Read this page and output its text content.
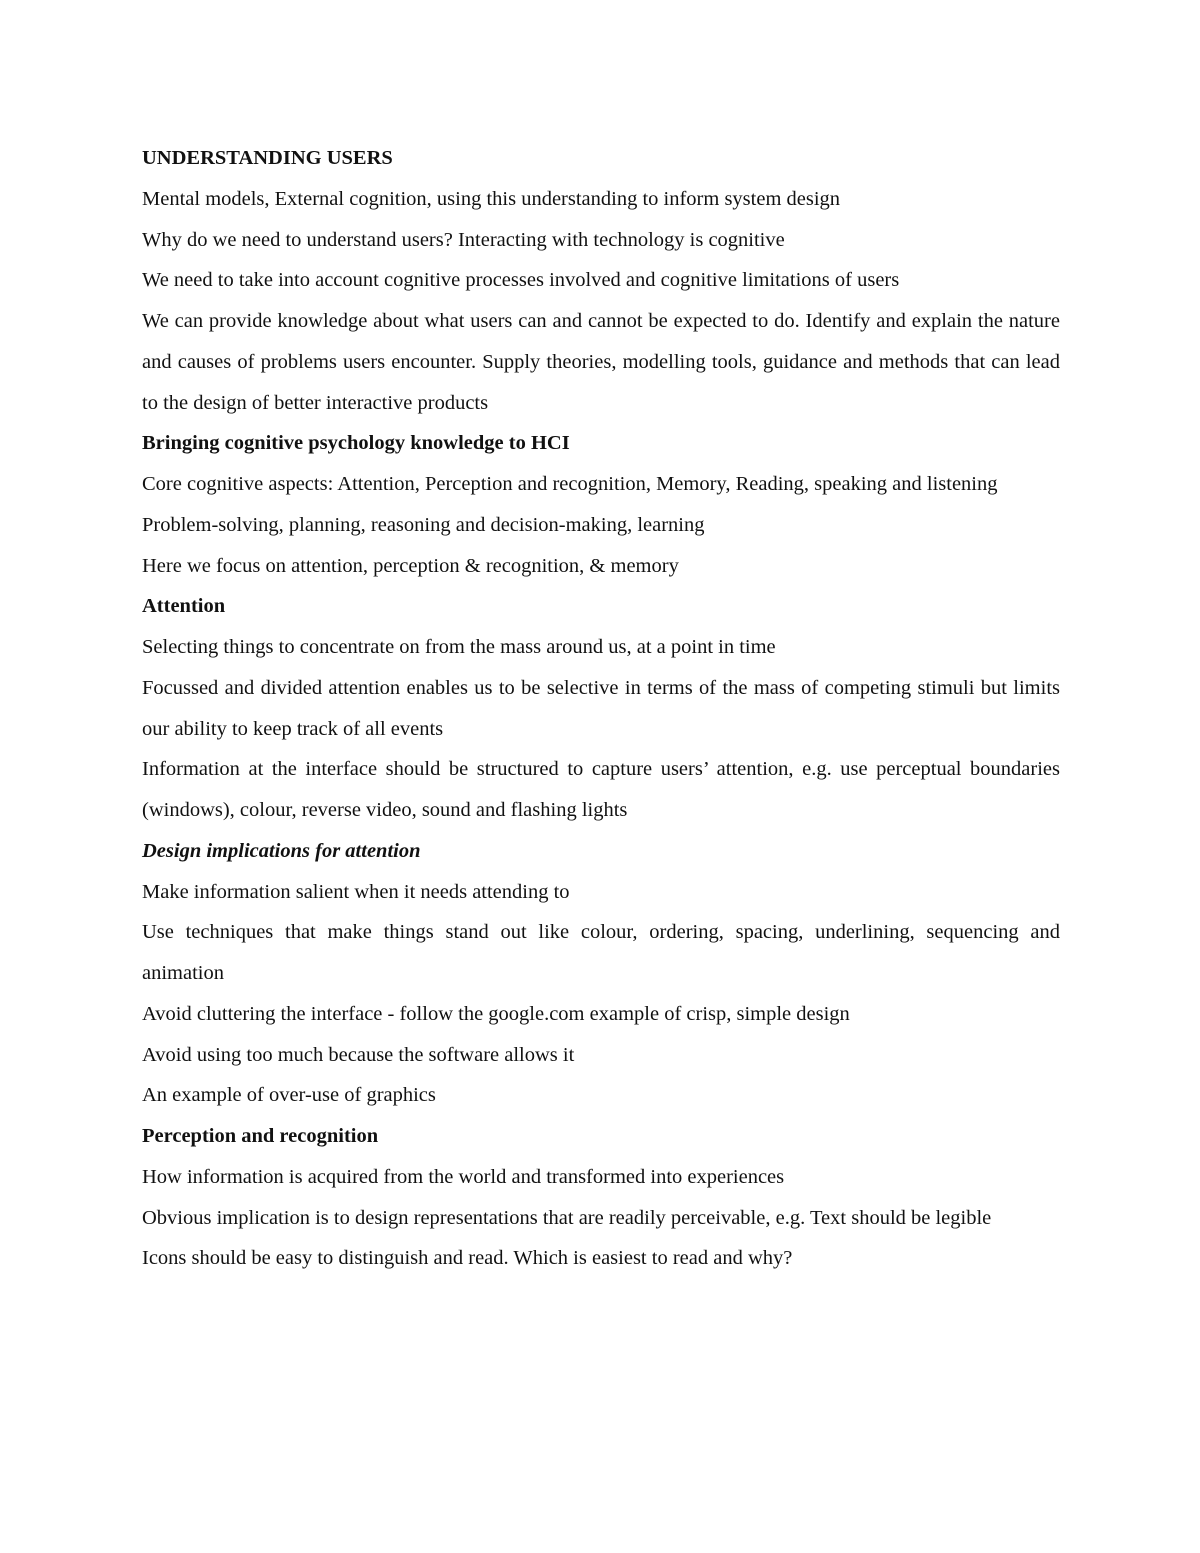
UNDERSTANDING USERS

Mental models, External cognition, using this understanding to inform system design

Why do we need to understand users? Interacting with technology is cognitive

We need to take into account cognitive processes involved and cognitive limitations of users

We can provide knowledge about what users can and cannot be expected to do. Identify and explain the nature and causes of problems users encounter. Supply theories, modelling tools, guidance and methods that can lead to the design of better interactive products

Bringing cognitive psychology knowledge to HCI

Core cognitive aspects: Attention, Perception and recognition, Memory, Reading, speaking and listening

Problem-solving, planning, reasoning and decision-making, learning

Here we focus on attention, perception & recognition, & memory

Attention

Selecting things to concentrate on from the mass around us, at a point in time

Focussed and divided attention enables us to be selective in terms of the mass of competing stimuli but limits our ability to keep track of all events

Information at the interface should be structured to capture users’ attention, e.g. use perceptual boundaries (windows), colour, reverse video, sound and flashing lights

Design implications for attention

Make information salient when it needs attending to

Use techniques that make things stand out like colour, ordering, spacing, underlining, sequencing and animation

Avoid cluttering the interface - follow the google.com example of crisp, simple design

Avoid using too much because the software allows it

An example of over-use of graphics

Perception and recognition

How information is acquired from the world and transformed into experiences

Obvious implication is to design representations that are readily perceivable, e.g. Text should be legible

Icons should be easy to distinguish and read. Which is easiest to read and why?
